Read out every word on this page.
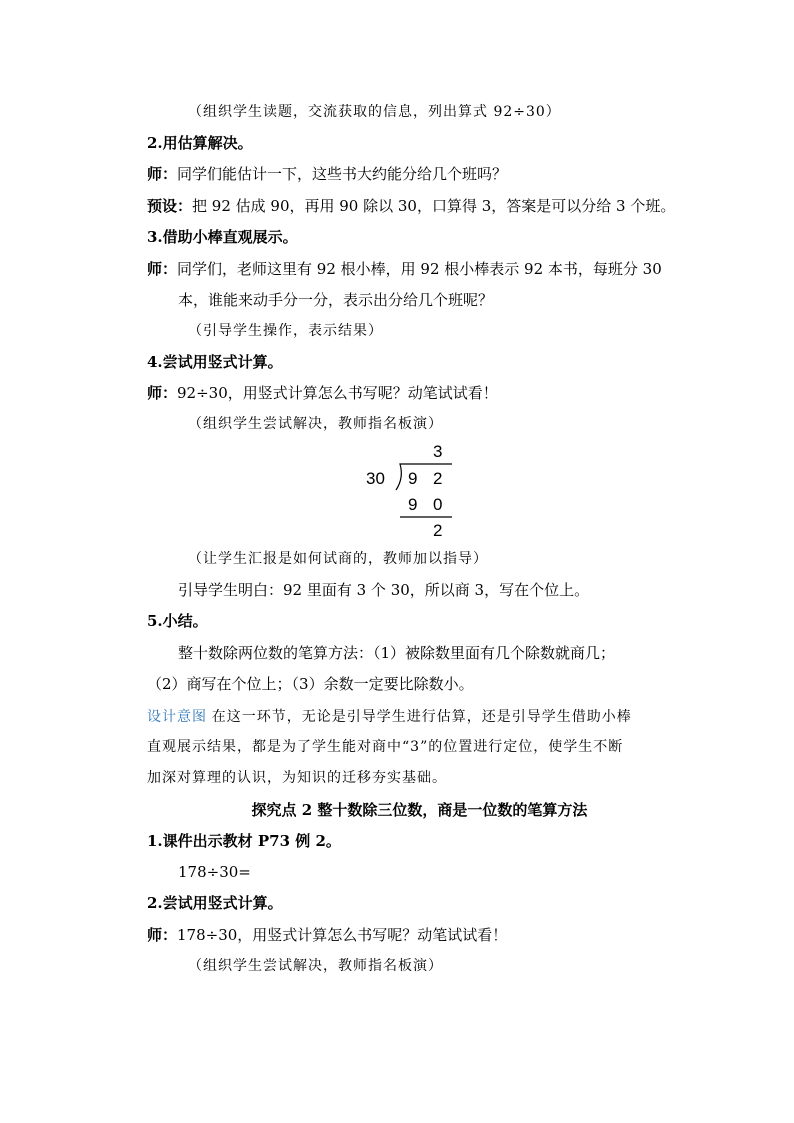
（组织学生读题，交流获取的信息，列出算式 92÷30）
2.用估算解决。
师：同学们能估计一下，这些书大约能分给几个班吗？
预设：把 92 估成 90，再用 90 除以 30，口算得 3，答案是可以分给 3 个班。
3.借助小棒直观展示。
师：同学们，老师这里有 92 根小棒，用 92 根小棒表示 92 本书，每班分 30
本，谁能来动手分一分，表示出分给几个班呢？
（引导学生操作，表示结果）
4.尝试用竖式计算。
师：92÷30，用竖式计算怎么书写呢？动笔试试看！
（组织学生尝试解决，教师指名板演）
3
30 9 2
9 0
2
（让学生汇报是如何试商的，教师加以指导）
引导学生明白：92 里面有 3 个 30，所以商 3，写在个位上。
5.小结。
整十数除两位数的笔算方法：（1）被除数里面有几个除数就商几；
（2）商写在个位上；（3）余数一定要比除数小。
设计意图 在这一环节，无论是引导学生进行估算，还是引导学生借助小棒
直观展示结果，都是为了学生能对商中“3”的位置进行定位，使学生不断
加深对算理的认识，为知识的迁移夯实基础。
探究点 2 整十数除三位数，商是一位数的笔算方法
1.课件出示教材 P73 例 2。
178÷30=
2.尝试用竖式计算。
师：178÷30，用竖式计算怎么书写呢？动笔试试看！
（组织学生尝试解决，教师指名板演）
